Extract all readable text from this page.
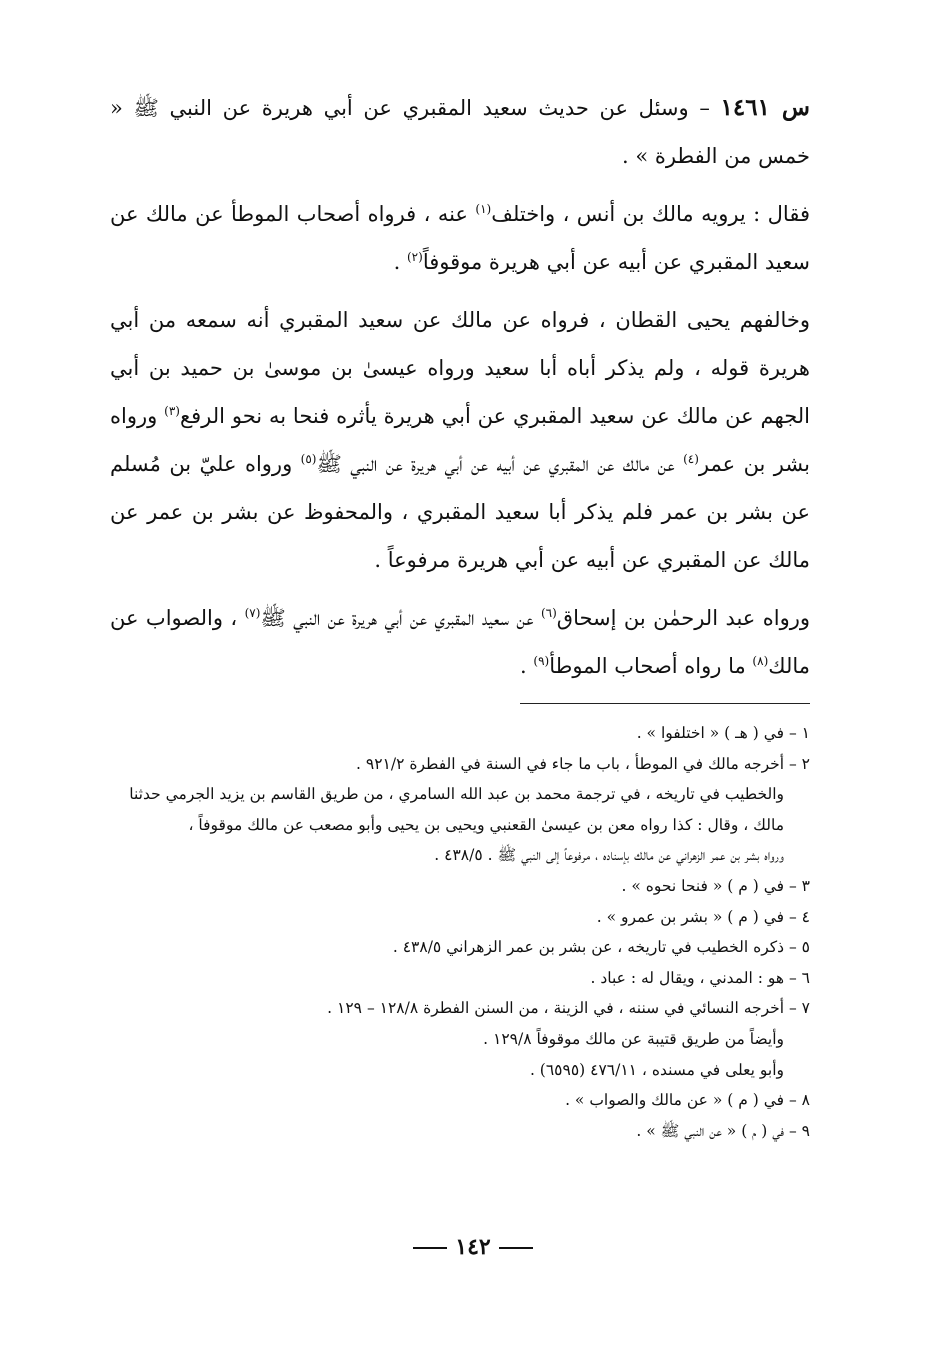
س ١٤٦١ – وسئل عن حديث سعيد المقبري عن أبي هريرة عن النبي ﷺ « خمس من الفطرة » .

فقال : يرويه مالك بن أنس ، واختلف$^{(١)}$ عنه ، فرواه أصحاب الموطأ عن مالك عن سعيد المقبري عن أبيه عن أبي هريرة موقوفاً$^{(٢)}$ .

وخالفهم يحيى القطان ، فرواه عن مالك عن سعيد المقبري أنه سمعه من أبي هريرة قوله ، ولم يذكر أباه أبا سعيد ورواه عيسىٰ بن موسىٰ بن حميد بن أبي الجهم عن مالك عن سعيد المقبري عن أبي هريرة يأثره فنحا به نحو الرفع$^{(٣)}$ ورواه بشر بن عمر$^{(٤)}$ عن مالك عن المقبري عن أبيه عن أبي هريرة عن النبي ﷺ$^{(٥)}$ ورواه عليّ بن مُسلم عن بشر بن عمر فلم يذكر أبا سعيد المقبري ، والمحفوظ عن بشر بن عمر عن مالك عن المقبري عن أبيه عن أبي هريرة مرفوعاً .

ورواه عبد الرحمٰن بن إسحاق$^{(٦)}$ عن سعيد المقبري عن أبي هريرة عن النبي ﷺ$^{(٧)}$ ، والصواب عن مالك$^{(٨)}$ ما رواه أصحاب الموطأ$^{(٩)}$ .

١ – في ( هـ ) « اختلفوا » .
٢ – أخرجه مالك في الموطأ ، باب ما جاء في السنة في الفطرة ٩٢١/٢ .
والخطيب في تاريخه ، في ترجمة محمد بن عبد الله السامري ، من طريق القاسم بن يزيد الجرمي حدثنا
مالك ، وقال : كذا رواه معن بن عيسىٰ القعنبي ويحيى بن يحيى وأبو مصعب عن مالك موقوفاً ،
ورواه بشر بن عمر الزهراني عن مالك بإسناده ، مرفوعاً إلى النبي ﷺ . ٤٣٨/٥ .
٣ – في ( م ) « فنحا نحوه » .
٤ – في ( م ) « بشر بن عمرو » .
٥ – ذكره الخطيب في تاريخه ، عن بشر بن عمر الزهراني ٤٣٨/٥ .
٦ – هو : المدني ، ويقال له : عباد .
٧ – أخرجه النسائي في سننه ، في الزينة ، من السنن الفطرة ١٢٨/٨ – ١٢٩ .
وأيضاً من طريق قتيبة عن مالك موقوفاً ١٢٩/٨ .
وأبو يعلى في مسنده ، ٤٧٦/١١ (٦٥٩٥) .
٨ – في ( م ) « عن مالك والصواب » .
٩ – في ( م ) « عن النبي ﷺ » .
١٤٢
